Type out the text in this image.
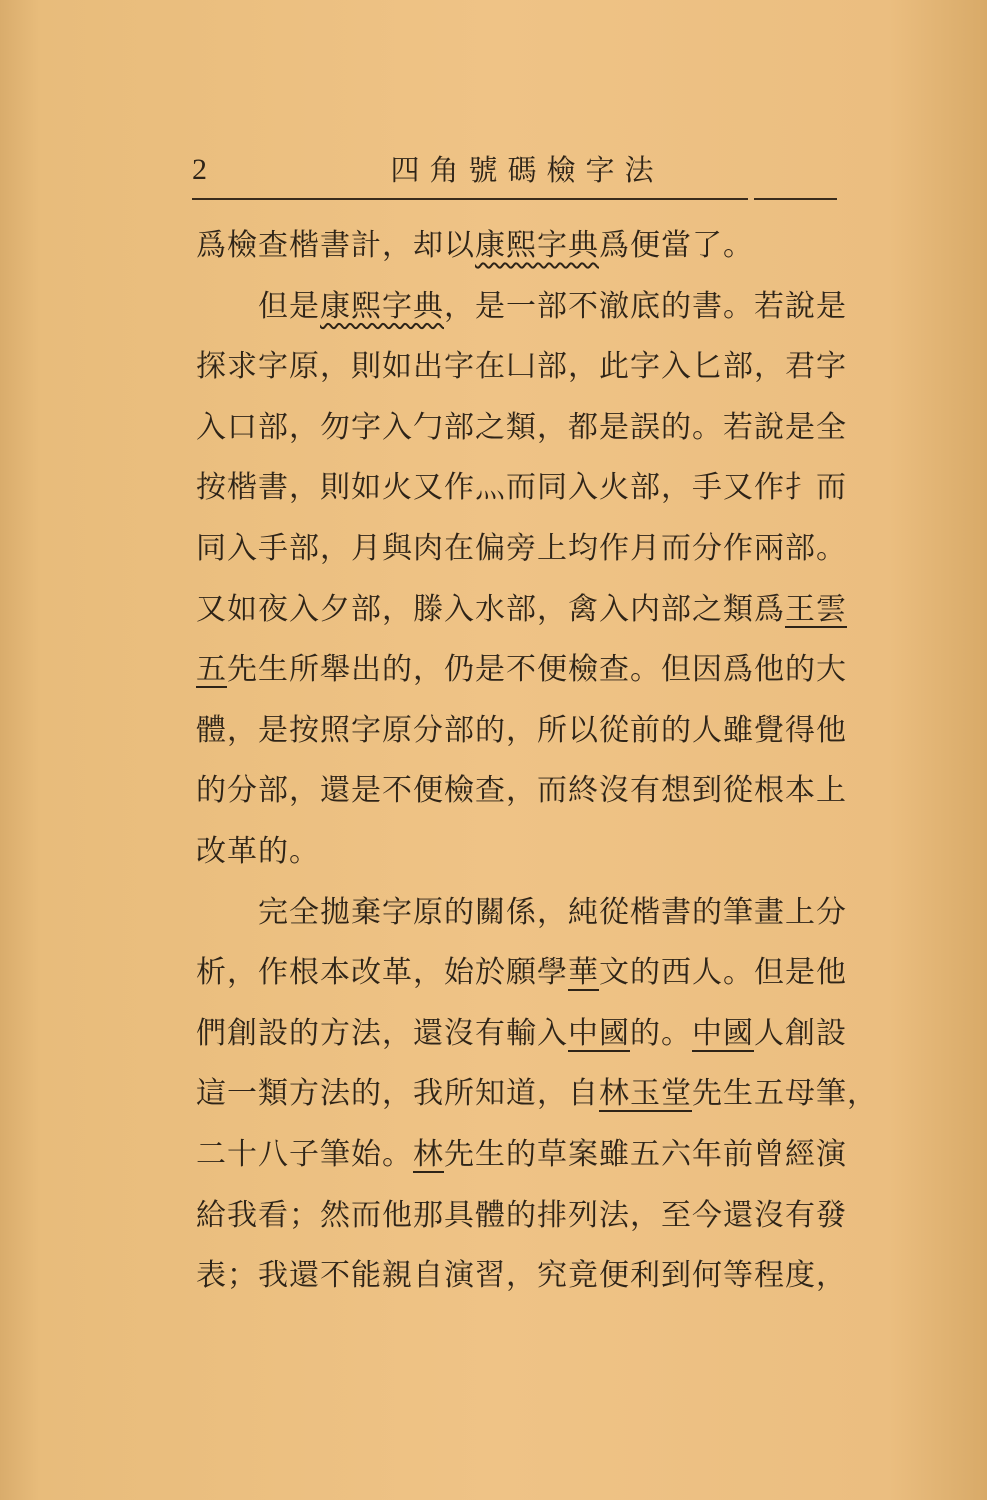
2	四角號碼檢字法
爲檢查楷書計，却以康熙字典爲便當了。
但是康熙字典，是一部不澈底的書。若說是
探求字原，則如出字在凵部，此字入匕部，君字
入口部，勿字入勹部之類，都是誤的。若說是全
按楷書，則如火又作灬而同入火部，手又作扌而
同入手部，月與肉在偏旁上均作月而分作兩部。
又如夜入夕部，滕入水部，禽入内部之類爲王雲
五先生所舉出的，仍是不便檢查。但因爲他的大
體，是按照字原分部的，所以從前的人雖覺得他
的分部，還是不便檢查，而終沒有想到從根本上
改革的。
完全拋棄字原的關係，純從楷書的筆畫上分
析，作根本改革，始於願學華文的西人。但是他
們創設的方法，還沒有輸入中國的。中國人創設
這一類方法的，我所知道，自林玉堂先生五母筆，
二十八子筆始。林先生的草案雖五六年前曾經演
給我看；然而他那具體的排列法，至今還沒有發
表；我還不能親自演習，究竟便利到何等程度，
